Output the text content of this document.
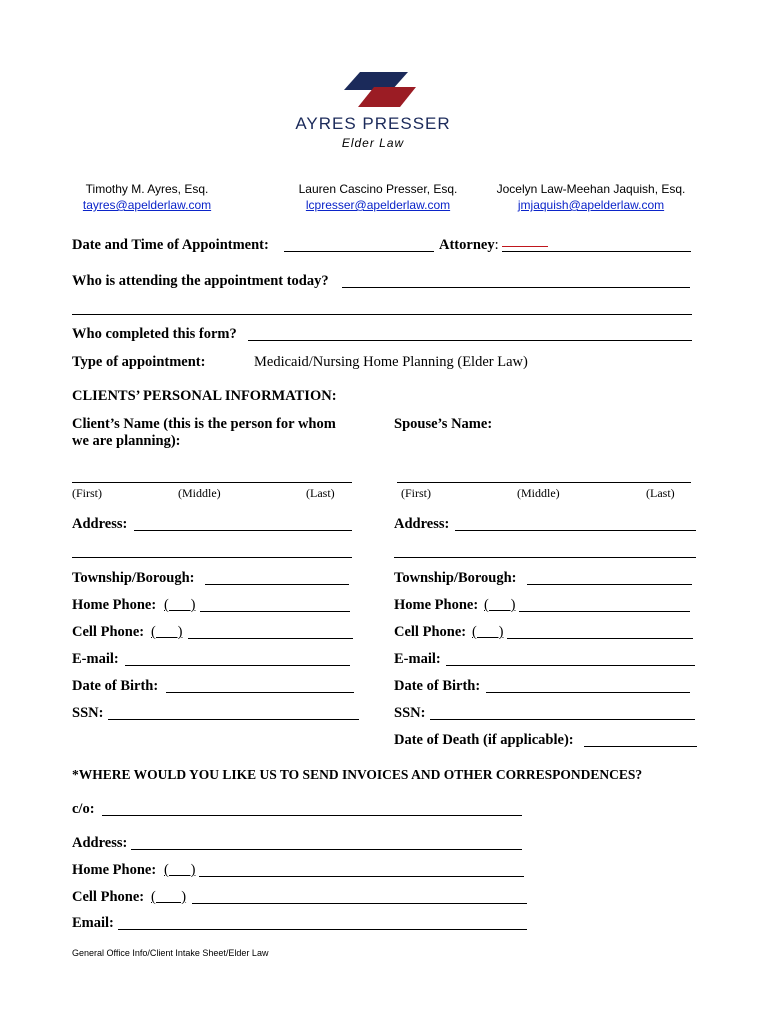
AYRES PRESSER
Elder Law
Timothy M. Ayres, Esq.
tayres@apelderlaw.com
Lauren Cascino Presser, Esq.
lcpresser@apelderlaw.com
Jocelyn Law-Meehan Jaquish, Esq.
jmjaquish@apelderlaw.com
Date and Time of Appointment:	Attorney:
Who is attending the appointment today?
Who completed this form?
Type of appointment:	Medicaid/Nursing Home Planning (Elder Law)
CLIENTS’ PERSONAL INFORMATION:
Client’s Name (this is the person for whom
we are planning):
Spouse’s Name:
(First)	(Middle)	(Last)	(First)	(Middle)	(Last)
Address:
Township/Borough:
Home Phone: (      )
Cell Phone: (      )
E-mail:
Date of Birth:
SSN:
Address:
Township/Borough:
Home Phone: (      )
Cell Phone: (      )
E-mail:
Date of Birth:
SSN:
Date of Death (if applicable):
*WHERE WOULD YOU LIKE US TO SEND INVOICES AND OTHER CORRESPONDENCES?
c/o:
Address:
Home Phone: (      )
Cell Phone: (       )
Email:
General Office Info/Client Intake Sheet/Elder Law
